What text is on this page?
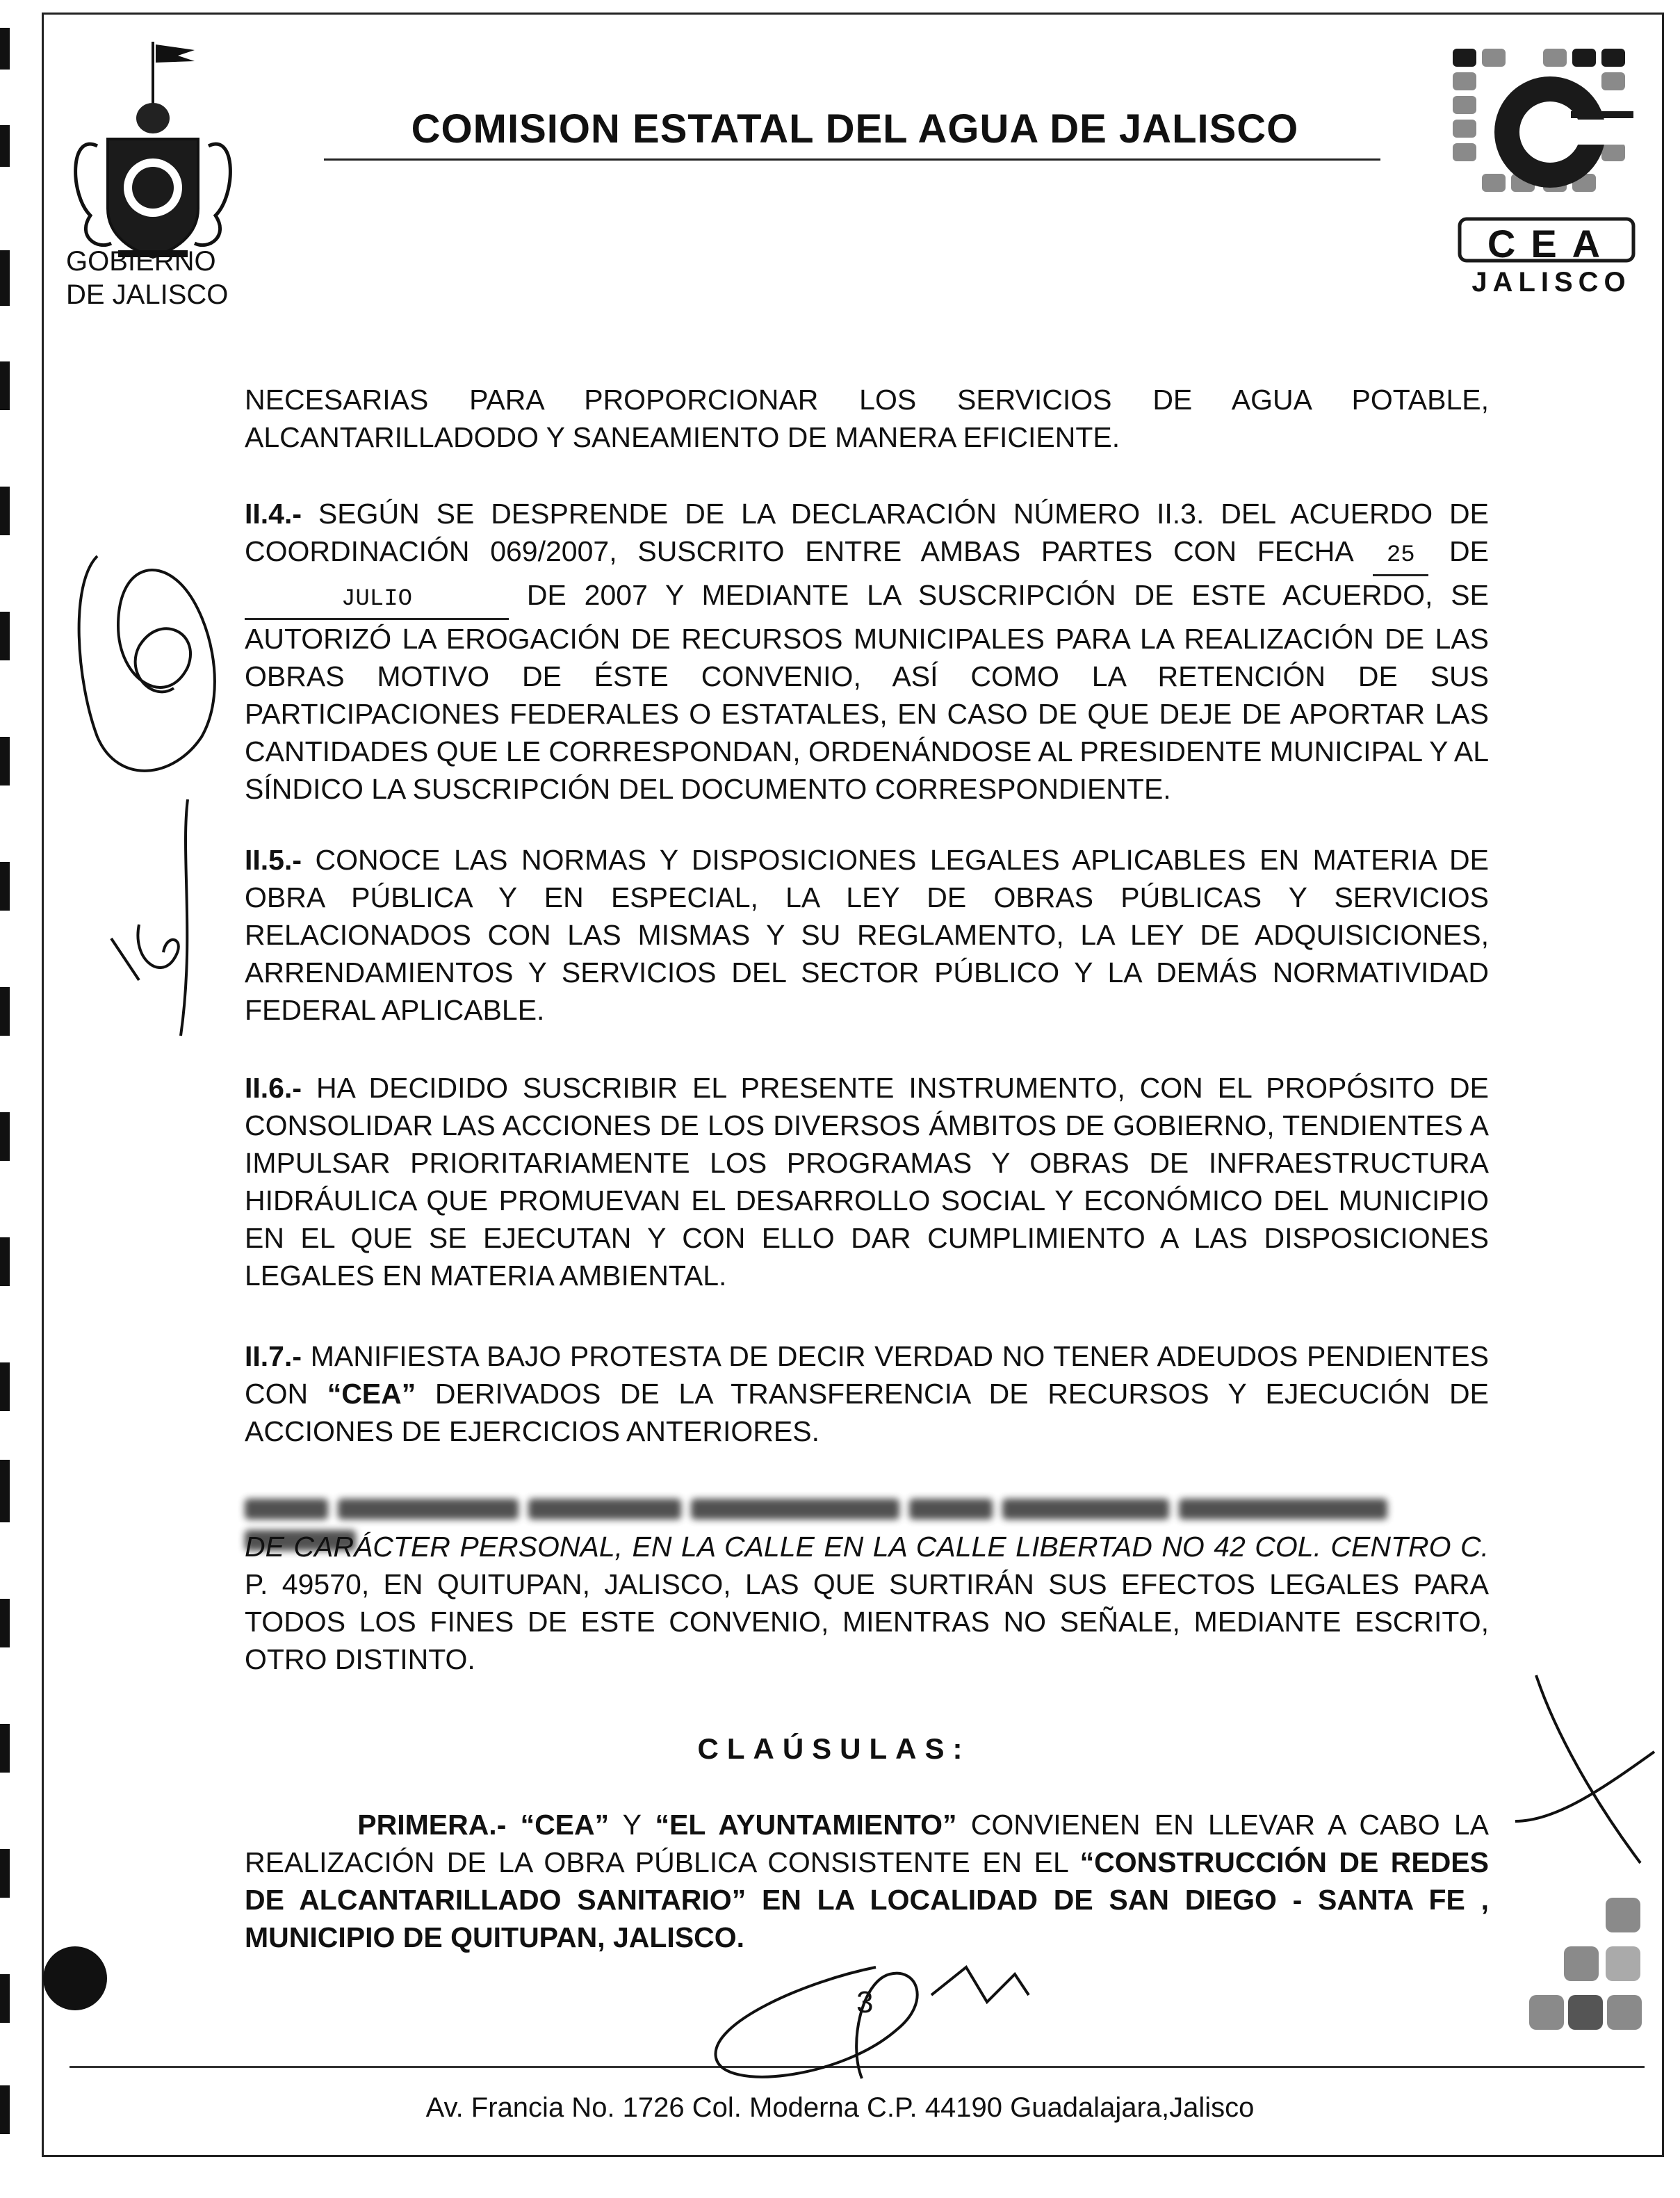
GOBIERNO
DE JALISCO
COMISION ESTATAL DEL AGUA DE JALISCO
CEA
JALISCO
NECESARIAS PARA PROPORCIONAR LOS SERVICIOS DE AGUA POTABLE, ALCANTARILLADODO Y SANEAMIENTO DE MANERA EFICIENTE.
II.4.- SEGÚN SE DESPRENDE DE LA DECLARACIÓN NÚMERO II.3. DEL ACUERDO DE COORDINACIÓN 069/2007, SUSCRITO ENTRE AMBAS PARTES CON FECHA 25 DE JULIO	DE 2007 Y MEDIANTE LA SUSCRIPCIÓN DE ESTE ACUERDO, SE AUTORIZÓ LA EROGACIÓN DE RECURSOS MUNICIPALES PARA LA REALIZACIÓN DE LAS OBRAS MOTIVO DE ÉSTE CONVENIO, ASÍ COMO LA RETENCIÓN DE SUS PARTICIPACIONES FEDERALES O ESTATALES, EN CASO DE QUE DEJE DE APORTAR LAS CANTIDADES QUE LE CORRESPONDAN, ORDENÁNDOSE AL PRESIDENTE MUNICIPAL Y AL SÍNDICO LA SUSCRIPCIÓN DEL DOCUMENTO CORRESPONDIENTE.
II.5.- CONOCE LAS NORMAS Y DISPOSICIONES LEGALES APLICABLES EN MATERIA DE OBRA PÚBLICA Y EN ESPECIAL, LA LEY DE OBRAS PÚBLICAS Y SERVICIOS RELACIONADOS CON LAS MISMAS Y SU REGLAMENTO, LA LEY DE ADQUISICIONES, ARRENDAMIENTOS Y SERVICIOS DEL SECTOR PÚBLICO Y LA DEMÁS NORMATIVIDAD FEDERAL APLICABLE.
II.6.- HA DECIDIDO SUSCRIBIR EL PRESENTE INSTRUMENTO, CON EL PROPÓSITO DE CONSOLIDAR LAS ACCIONES DE LOS DIVERSOS ÁMBITOS DE GOBIERNO, TENDIENTES A IMPULSAR PRIORITARIAMENTE LOS PROGRAMAS Y OBRAS DE INFRAESTRUCTURA HIDRÁULICA QUE PROMUEVAN EL DESARROLLO SOCIAL Y ECONÓMICO DEL MUNICIPIO EN EL QUE SE EJECUTAN Y CON ELLO DAR CUMPLIMIENTO A LAS DISPOSICIONES LEGALES EN MATERIA AMBIENTAL.
II.7.- MANIFIESTA BAJO PROTESTA DE DECIR VERDAD NO TENER ADEUDOS PENDIENTES CON “CEA” DERIVADOS DE LA TRANSFERENCIA DE RECURSOS Y EJECUCIÓN DE ACCIONES DE EJERCICIOS ANTERIORES.
DE CARÁCTER PERSONAL, EN LA CALLE EN LA CALLE LIBERTAD NO 42 COL. CENTRO C. P. 49570, EN QUITUPAN, JALISCO, LAS QUE SURTIRÁN SUS EFECTOS LEGALES PARA TODOS LOS FINES DE ESTE CONVENIO, MIENTRAS NO SEÑALE, MEDIANTE ESCRITO, OTRO DISTINTO.
CLAÚSULAS:
PRIMERA.- “CEA” Y “EL AYUNTAMIENTO” CONVIENEN EN LLEVAR A CABO LA REALIZACIÓN DE LA OBRA PÚBLICA CONSISTENTE EN EL “CONSTRUCCIÓN DE REDES DE ALCANTARILLADO SANITARIO” EN LA LOCALIDAD DE SAN DIEGO - SANTA FE , MUNICIPIO DE QUITUPAN, JALISCO.
3
Av. Francia No. 1726 Col. Moderna C.P. 44190 Guadalajara,Jalisco
